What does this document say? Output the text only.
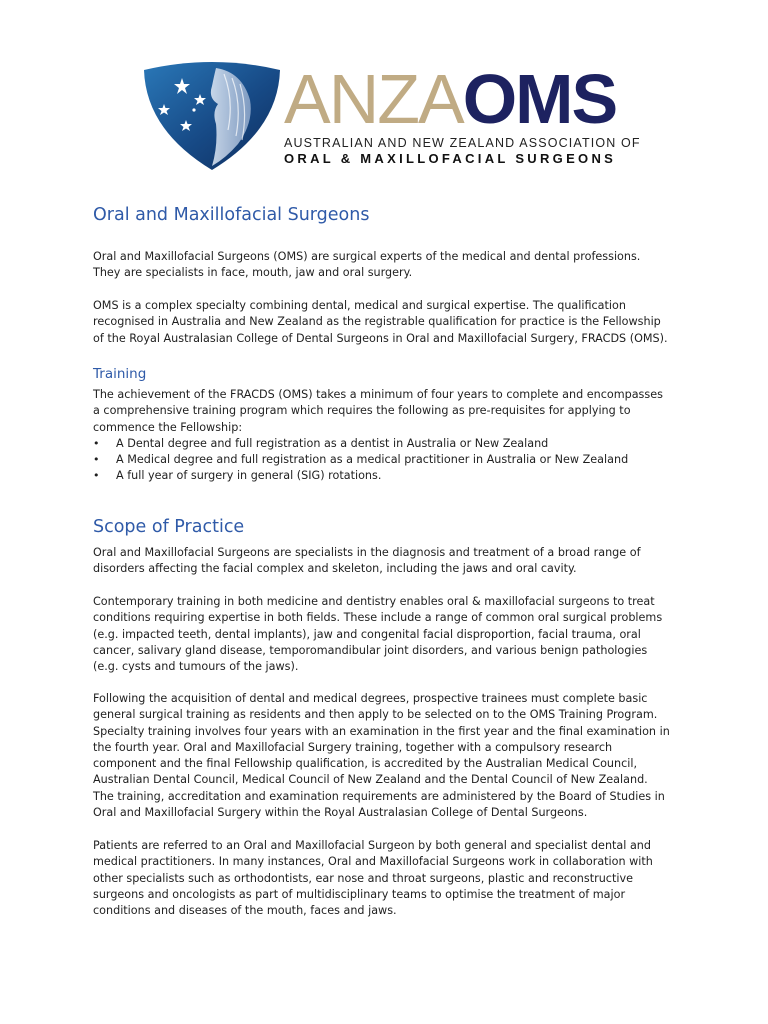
ANZAOMS
AUSTRALIAN AND NEW ZEALAND ASSOCIATION OF
ORAL & MAXILLOFACIAL SURGEONS
Oral and Maxillofacial Surgeons

Oral and Maxillofacial Surgeons (OMS) are surgical experts of the medical and dental professions.

They are specialists in face, mouth, jaw and oral surgery.

OMS is a complex specialty combining dental, medical and surgical expertise. The qualification

recognised in Australia and New Zealand as the registrable qualification for practice is the Fellowship

of the Royal Australasian College of Dental Surgeons in Oral and Maxillofacial Surgery, FRACDS (OMS).

Training

The achievement of the FRACDS (OMS) takes a minimum of four years to complete and encompasses

a comprehensive training program which requires the following as pre-requisites for applying to

commence the Fellowship:

• A Dental degree and full registration as a dentist in Australia or New Zealand
• A Medical degree and full registration as a medical practitioner in Australia or New Zealand
• A full year of surgery in general (SIG) rotations.
Scope of Practice

Oral and Maxillofacial Surgeons are specialists in the diagnosis and treatment of a broad range of

disorders affecting the facial complex and skeleton, including the jaws and oral cavity.

Contemporary training in both medicine and dentistry enables oral & maxillofacial surgeons to treat

conditions requiring expertise in both fields. These include a range of common oral surgical problems

(e.g. impacted teeth, dental implants), jaw and congenital facial disproportion, facial trauma, oral

cancer, salivary gland disease, temporomandibular joint disorders, and various benign pathologies

(e.g. cysts and tumours of the jaws).

Following the acquisition of dental and medical degrees, prospective trainees must complete basic

general surgical training as residents and then apply to be selected on to the OMS Training Program.

Specialty training involves four years with an examination in the first year and the final examination in

the fourth year. Oral and Maxillofacial Surgery training, together with a compulsory research

component and the final Fellowship qualification, is accredited by the Australian Medical Council,

Australian Dental Council, Medical Council of New Zealand and the Dental Council of New Zealand.

The training, accreditation and examination requirements are administered by the Board of Studies in

Oral and Maxillofacial Surgery within the Royal Australasian College of Dental Surgeons.

Patients are referred to an Oral and Maxillofacial Surgeon by both general and specialist dental and

medical practitioners. In many instances, Oral and Maxillofacial Surgeons work in collaboration with

other specialists such as orthodontists, ear nose and throat surgeons, plastic and reconstructive

surgeons and oncologists as part of multidisciplinary teams to optimise the treatment of major

conditions and diseases of the mouth, faces and jaws.
